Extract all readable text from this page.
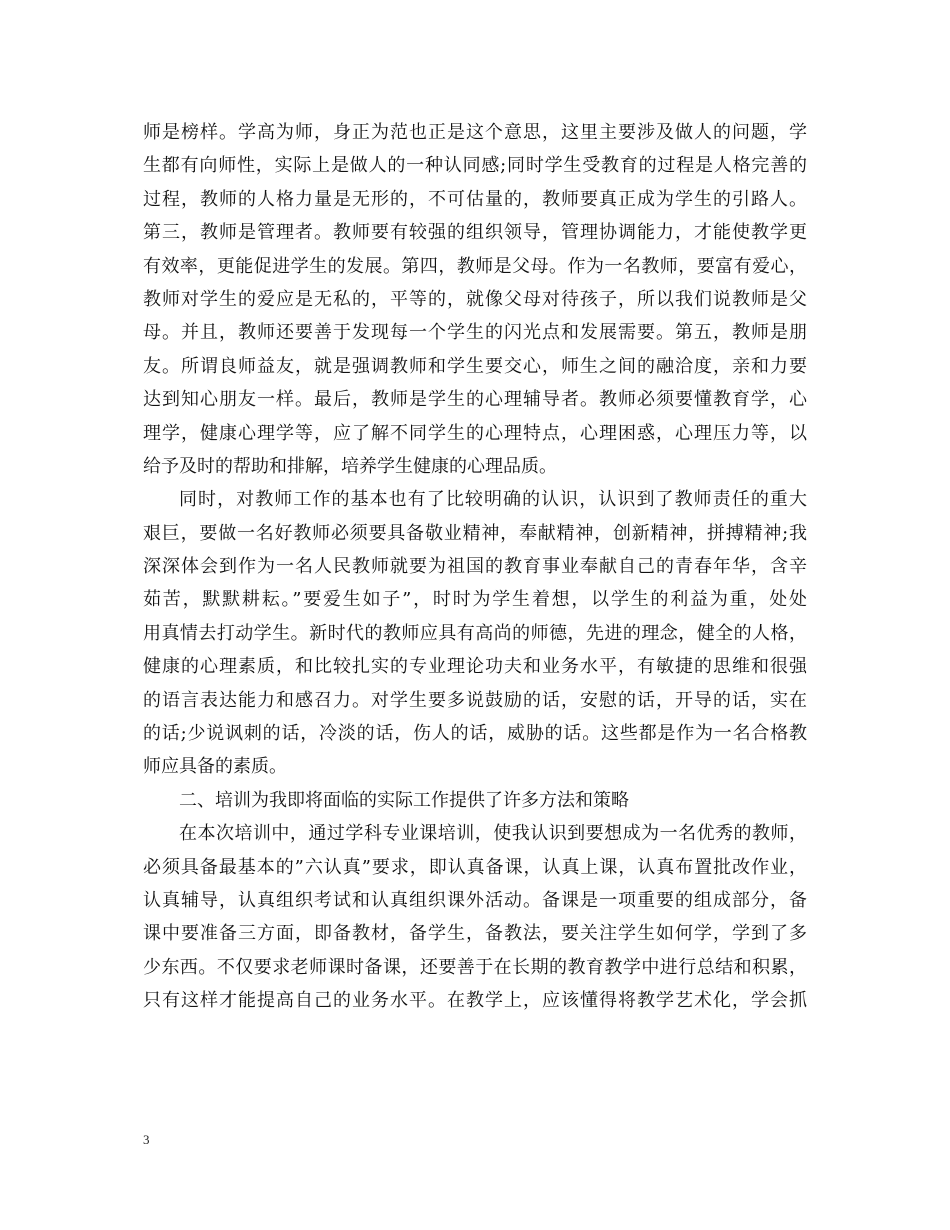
师是榜样。学高为师，身正为范也正是这个意思，这里主要涉及做人的问题，学
生都有向师性，实际上是做人的一种认同感;同时学生受教育的过程是人格完善的
过程，教师的人格力量是无形的，不可估量的，教师要真正成为学生的引路人。
第三，教师是管理者。教师要有较强的组织领导，管理协调能力，才能使教学更
有效率，更能促进学生的发展。第四，教师是父母。作为一名教师，要富有爱心，
教师对学生的爱应是无私的，平等的，就像父母对待孩子，所以我们说教师是父
母。并且，教师还要善于发现每一个学生的闪光点和发展需要。第五，教师是朋
友。所谓良师益友，就是强调教师和学生要交心，师生之间的融洽度，亲和力要
达到知心朋友一样。最后，教师是学生的心理辅导者。教师必须要懂教育学，心
理学，健康心理学等，应了解不同学生的心理特点，心理困惑，心理压力等，以
给予及时的帮助和排解，培养学生健康的心理品质。
同时，对教师工作的基本也有了比较明确的认识，认识到了教师责任的重大
艰巨，要做一名好教师必须要具备敬业精神，奉献精神，创新精神，拼搏精神;我
深深体会到作为一名人民教师就要为祖国的教育事业奉献自己的青春年华，含辛
茹苦，默默耕耘。”要爱生如子”，时时为学生着想，以学生的利益为重，处处
用真情去打动学生。新时代的教师应具有高尚的师德，先进的理念，健全的人格，
健康的心理素质，和比较扎实的专业理论功夫和业务水平，有敏捷的思维和很强
的语言表达能力和感召力。对学生要多说鼓励的话，安慰的话，开导的话，实在
的话;少说讽刺的话，冷淡的话，伤人的话，威胁的话。这些都是作为一名合格教
师应具备的素质。
二、培训为我即将面临的实际工作提供了许多方法和策略
在本次培训中，通过学科专业课培训，使我认识到要想成为一名优秀的教师，
必须具备最基本的”六认真”要求，即认真备课，认真上课，认真布置批改作业，
认真辅导，认真组织考试和认真组织课外活动。备课是一项重要的组成部分，备
课中要准备三方面，即备教材，备学生，备教法，要关注学生如何学，学到了多
少东西。不仅要求老师课时备课，还要善于在长期的教育教学中进行总结和积累，
只有这样才能提高自己的业务水平。在教学上，应该懂得将教学艺术化，学会抓
3
